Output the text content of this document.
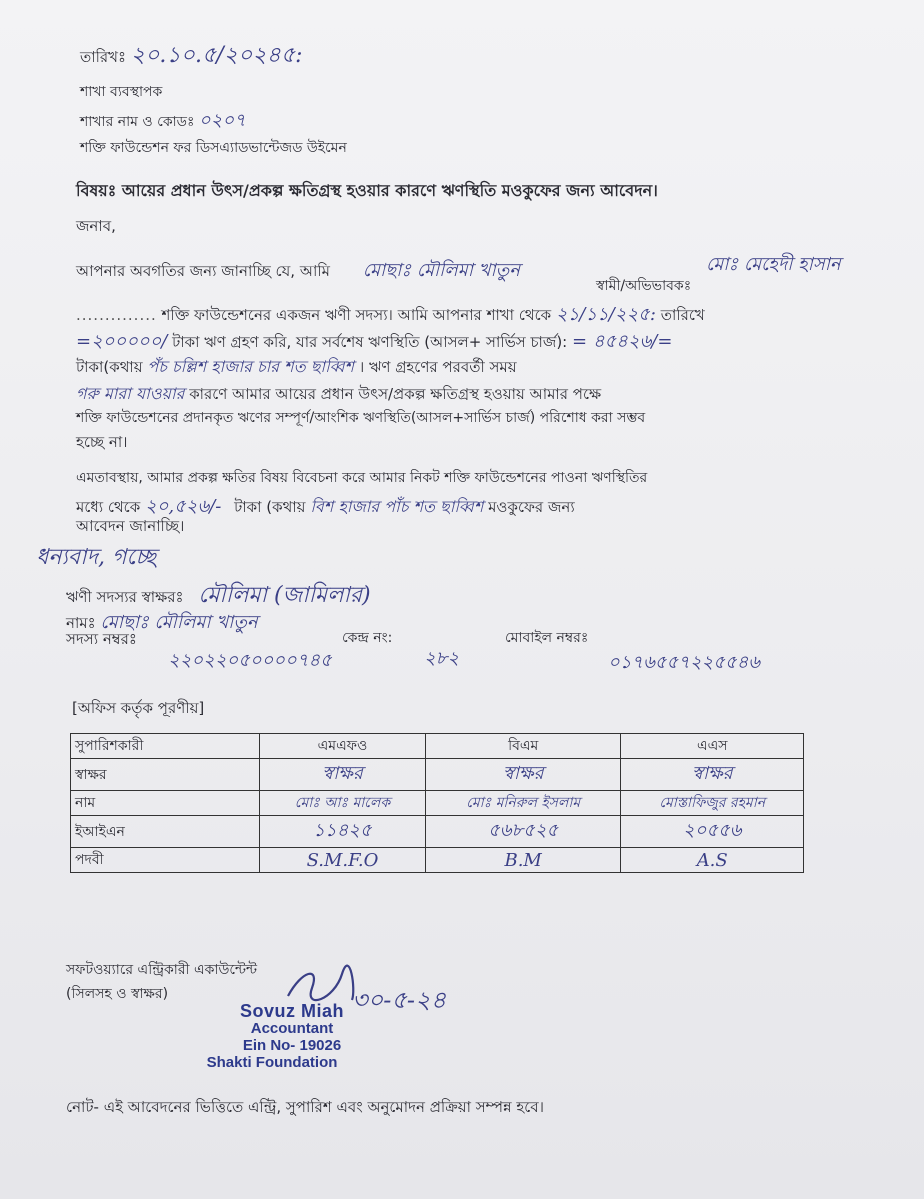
তারিখঃ ২০.১০.৫/২০২৪৫:
শাখা ব্যবস্থাপক
শাখার নাম ও কোডঃ ০২০৭
শক্তি ফাউন্ডেশন ফর ডিসএ্যাডভান্টেজড উইমেন
বিষয়ঃ আয়ের প্রধান উৎস/প্রকল্প ক্ষতিগ্রস্থ হওয়ার কারণে ঋণস্থিতি মওকুফের জন্য আবেদন।
জনাব,
আপনার অবগতির জন্য জানাচ্ছি যে, আমি মোছাঃ মৌলিমা খাতুন
স্বামী/অভিভাবকঃ
মোঃ মেহেদী হাসান
.............. শক্তি ফাউন্ডেশনের একজন ঋণী সদস্য। আমি আপনার শাখা থেকে ২১/১১/২২৫: তারিখে
=২০০০০০/ টাকা ঋণ গ্রহণ করি, যার সর্বশেষ ঋণস্থিতি (আসল+ সার্ভিস চার্জ): = ৪৫৪২৬/=
টাকা(কথায় পঁচ চল্লিশ হাজার চার শত ছাব্বিশ । ঋণ গ্রহণের পরবর্তী সময়
গরু মারা যাওয়ার কারণে আমার আয়ের প্রধান উৎস/প্রকল্প ক্ষতিগ্রস্থ হওয়ায় আমার পক্ষে
শক্তি ফাউন্ডেশনের প্রদানকৃত ঋণের সম্পূর্ণ/আংশিক ঋণস্থিতি(আসল+সার্ভিস চার্জ) পরিশোধ করা সম্ভব
হচ্ছে না।
এমতাবস্থায়, আমার প্রকল্প ক্ষতির বিষয় বিবেচনা করে আমার নিকট শক্তি ফাউন্ডেশনের পাওনা ঋণস্থিতির
মধ্যে থেকে ২০,৫২৬/- টাকা (কথায় বিশ হাজার পাঁচ শত ছাব্বিশ মওকুফের জন্য
আবেদন জানাচ্ছি।
ধন্যবাদ, গচ্ছে
ঋণী সদস্যর স্বাক্ষরঃ মৌলিমা (জামিলার)
নামঃ মোছাঃ মৌলিমা খাতুন
সদস্য নম্বরঃ
২২০২২০৫০০০০৭৪৫
কেন্দ্র নং:
২৮২
মোবাইল নম্বরঃ
০১৭৬৫৫৭২২৫৫৪৬
[অফিস কর্তৃক পূরণীয়]
সুপারিশকারী	এমএফও	বিএম	এএস
স্বাক্ষর	স্বাক্ষর	স্বাক্ষর	স্বাক্ষর
নাম	মোঃ আঃ মালেক	মোঃ মনিরুল ইসলাম	মোস্তাফিজুর রহমান
ইআইএন	১১৪২৫	৫৬৮৫২৫	২০৫৫৬
পদবী	S.M.F.O	B.M	A.S
সফটওয়্যারে এন্ট্রিকারী একাউন্টেন্ট
(সিলসহ ও স্বাক্ষর)	৩০-৫-২৪
Sovuz Miah
Accountant
Ein No- 19026
Shakti Foundation
নোট- এই আবেদনের ভিত্তিতে এন্ট্রি, সুপারিশ এবং অনুমোদন প্রক্রিয়া সম্পন্ন হবে।
